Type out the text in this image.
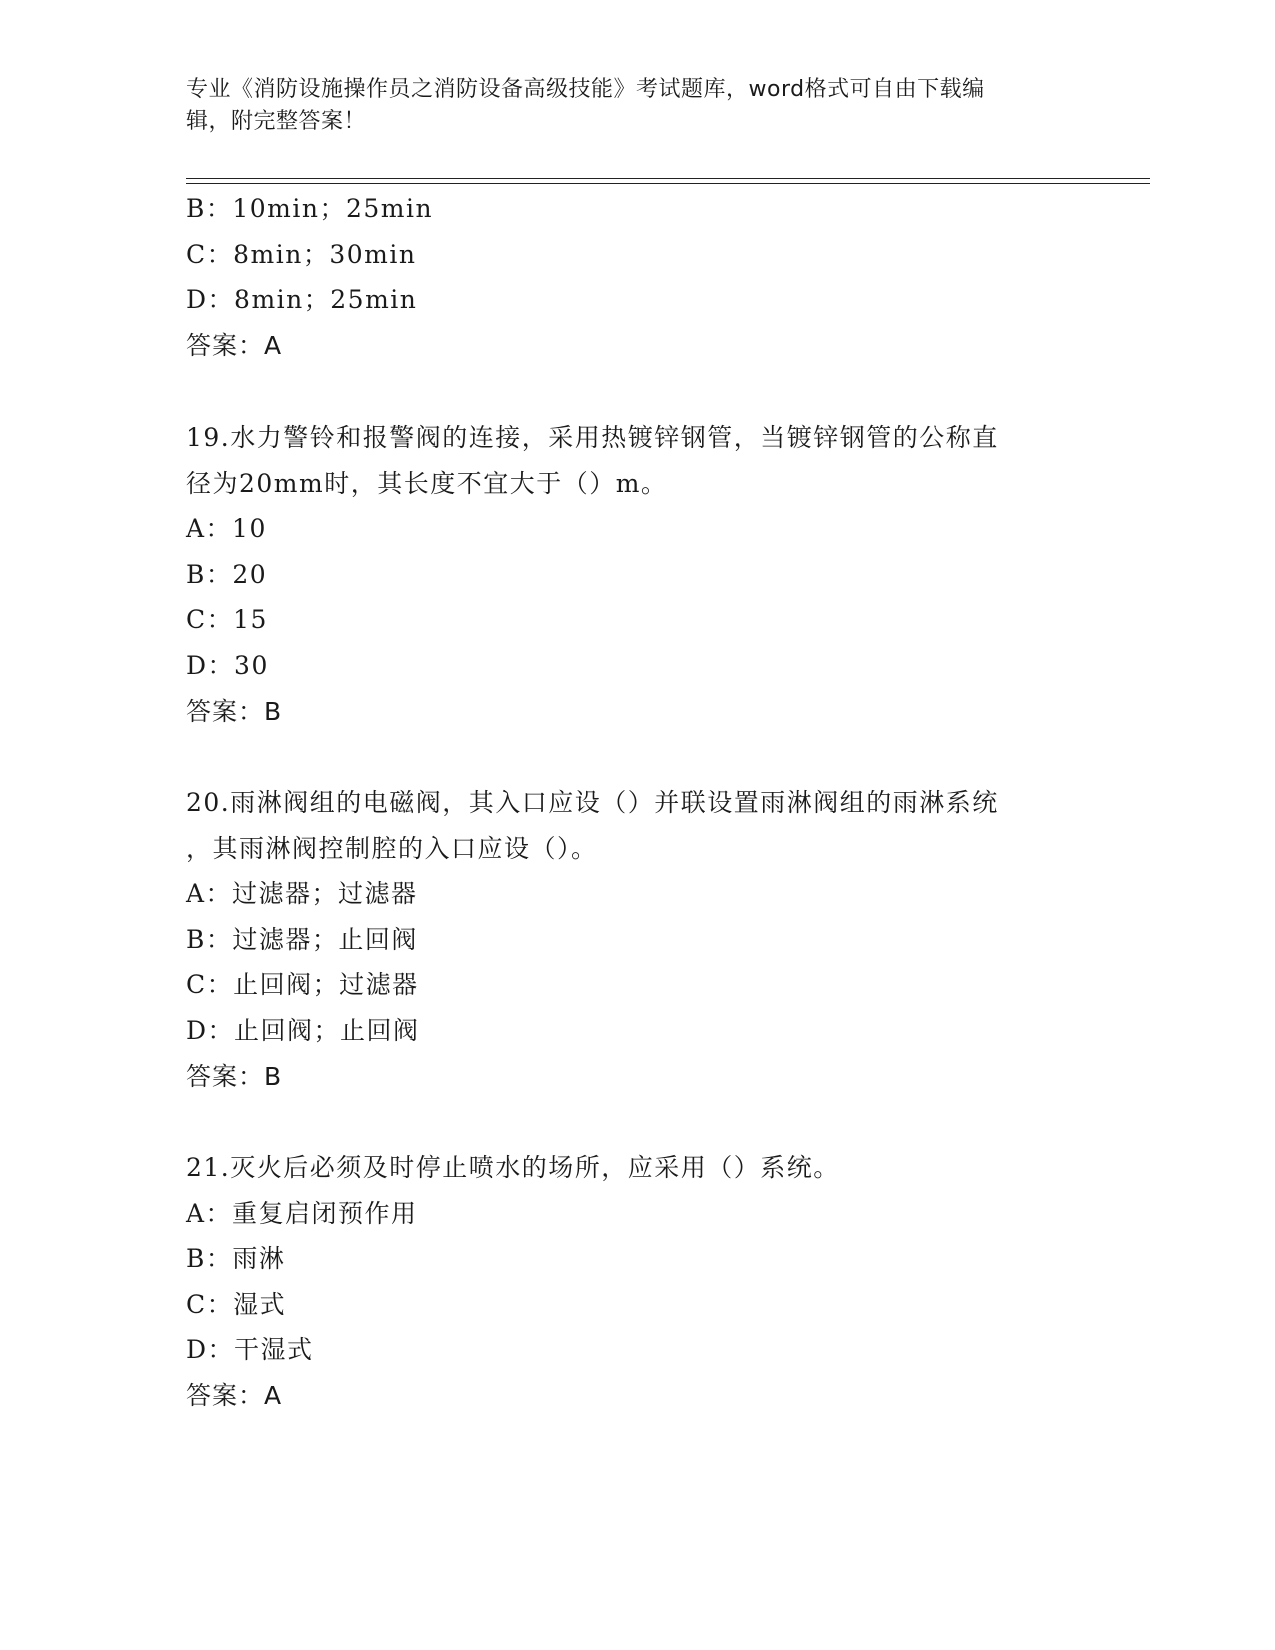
专业《消防设施操作员之消防设备高级技能》考试题库，word格式可自由下载编
辑，附完整答案！
B：10min；25min
C：8min；30min
D：8min；25min
答案：A
19.水力警铃和报警阀的连接，采用热镀锌钢管，当镀锌钢管的公称直
径为20mm时，其长度不宜大于（）m。
A：10
B：20
C：15
D：30
答案：B
20.雨淋阀组的电磁阀，其入口应设（）并联设置雨淋阀组的雨淋系统
，其雨淋阀控制腔的入口应设（）。
A：过滤器；过滤器
B：过滤器；止回阀
C：止回阀；过滤器
D：止回阀；止回阀
答案：B
21.灭火后必须及时停止喷水的场所，应采用（）系统。
A：重复启闭预作用
B：雨淋
C：湿式
D：干湿式
答案：A
